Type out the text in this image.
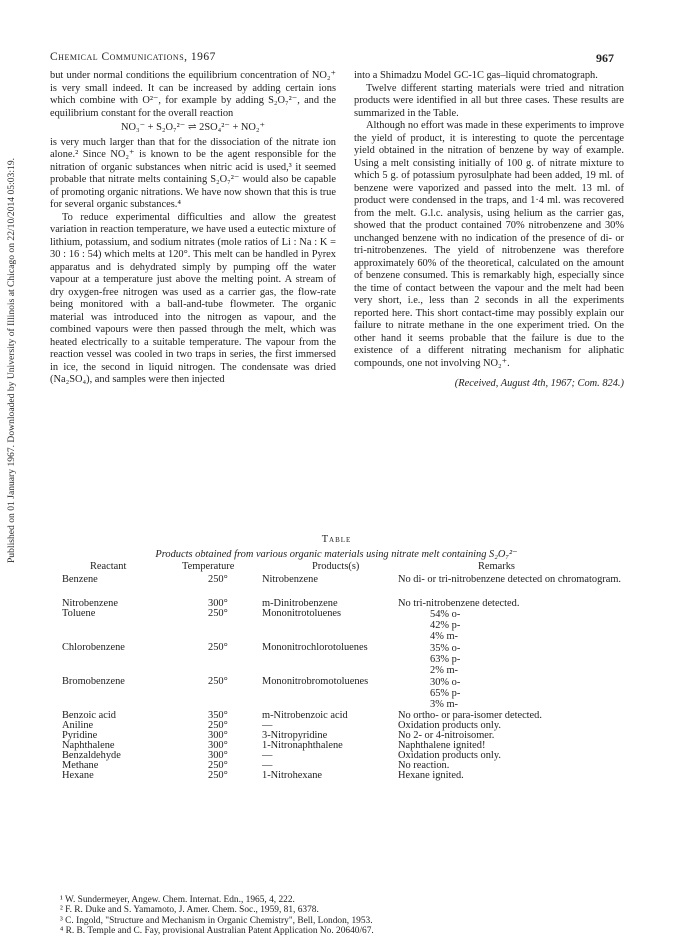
Published on 01 January 1967. Downloaded by University of Illinois at Chicago on 22/10/2014 05:03:19.
Chemical Communications, 1967	967

but under normal conditions the equilibrium concentration of NO₂⁺ is very small indeed. It can be increased by adding certain ions which combine with O²⁻, for example by adding S₂O₇²⁻, and the equilibrium constant for the overall reaction

NO₃⁻ + S₂O₇²⁻ ⇌ 2SO₄²⁻ + NO₂⁺

is very much larger than that for the dissociation of the nitrate ion alone.² Since NO₂⁺ is known to be the agent responsible for the nitration of organic substances when nitric acid is used,³ it seemed probable that nitrate melts containing S₂O₇²⁻ would also be capable of promoting organic nitrations. We have now shown that this is true for several organic substances.⁴

To reduce experimental difficulties and allow the greatest variation in reaction temperature, we have used a eutectic mixture of lithium, potassium, and sodium nitrates (mole ratios of Li : Na : K = 30 : 16 : 54) which melts at 120°. This melt can be handled in Pyrex apparatus and is dehydrated simply by pumping off the water vapour at a temperature just above the melting point. A stream of dry oxygen-free nitrogen was used as a carrier gas, the flow-rate being monitored with a ball-and-tube flowmeter. The organic material was introduced into the nitrogen as vapour, and the combined vapours were then passed through the melt, which was heated electrically to a suitable temperature. The vapour from the reaction vessel was cooled in two traps in series, the first immersed in ice, the second in liquid nitrogen. The condensate was dried (Na₂SO₄), and samples were then injected

into a Shimadzu Model GC-1C gas–liquid chromatograph.

Twelve different starting materials were tried and nitration products were identified in all but three cases. These results are summarized in the Table.

Although no effort was made in these experiments to improve the yield of product, it is interesting to quote the percentage yield obtained in the nitration of benzene by way of example. Using a melt consisting initially of 100 g. of nitrate mixture to which 5 g. of potassium pyrosulphate had been added, 19 ml. of benzene were vaporized and passed into the melt. 13 ml. of product were condensed in the traps, and 1·4 ml. was recovered from the melt. G.l.c. analysis, using helium as the carrier gas, showed that the product contained 70% nitrobenzene and 30% unchanged benzene with no indication of the presence of di- or tri-nitrobenzenes. The yield of nitrobenzene was therefore approximately 60% of the theoretical, calculated on the amount of benzene consumed. This is remarkably high, especially since the time of contact between the vapour and the melt had been very short, i.e., less than 2 seconds in all the experiments reported here. This short contact-time may possibly explain our failure to nitrate methane in the one experiment tried. On the other hand it seems probable that the failure is due to the existence of a different nitrating mechanism for aliphatic compounds, one not involving NO₂⁺.

(Received, August 4th, 1967; Com. 824.)

Table
Products obtained from various organic materials using nitrate melt containing S₂O₇²⁻
Reactant	Temperature	Products(s)	Remarks
Benzene	250°	Nitrobenzene	No di- or tri-nitrobenzene detected on chromatogram.
Nitrobenzene	300°	m-Dinitrobenzene	No tri-nitrobenzene detected.
Toluene	250°	Mononitrotoluenes	54% o-
42% p-
4% m-
Chlorobenzene	250°	Mononitrochlorotoluenes	35% o-
63% p-
2% m-
Bromobenzene	250°	Mononitrobromotoluenes	30% o-
65% p-
3% m-
Benzoic acid	350°	m-Nitrobenzoic acid	No ortho- or para-isomer detected.
Aniline	250°	—	Oxidation products only.
Pyridine	300°	3-Nitropyridine	No 2- or 4-nitroisomer.
Naphthalene	300°	1-Nitronaphthalene	Naphthalene ignited!
Benzaldehyde	300°	—	Oxidation products only.
Methane	250°	—	No reaction.
Hexane	250°	1-Nitrohexane	Hexane ignited.
¹ W. Sundermeyer, Angew. Chem. Internat. Edn., 1965, 4, 222.
² F. R. Duke and S. Yamamoto, J. Amer. Chem. Soc., 1959, 81, 6378.
³ C. Ingold, "Structure and Mechanism in Organic Chemistry", Bell, London, 1953.
⁴ R. B. Temple and C. Fay, provisional Australian Patent Application No. 20640/67.
